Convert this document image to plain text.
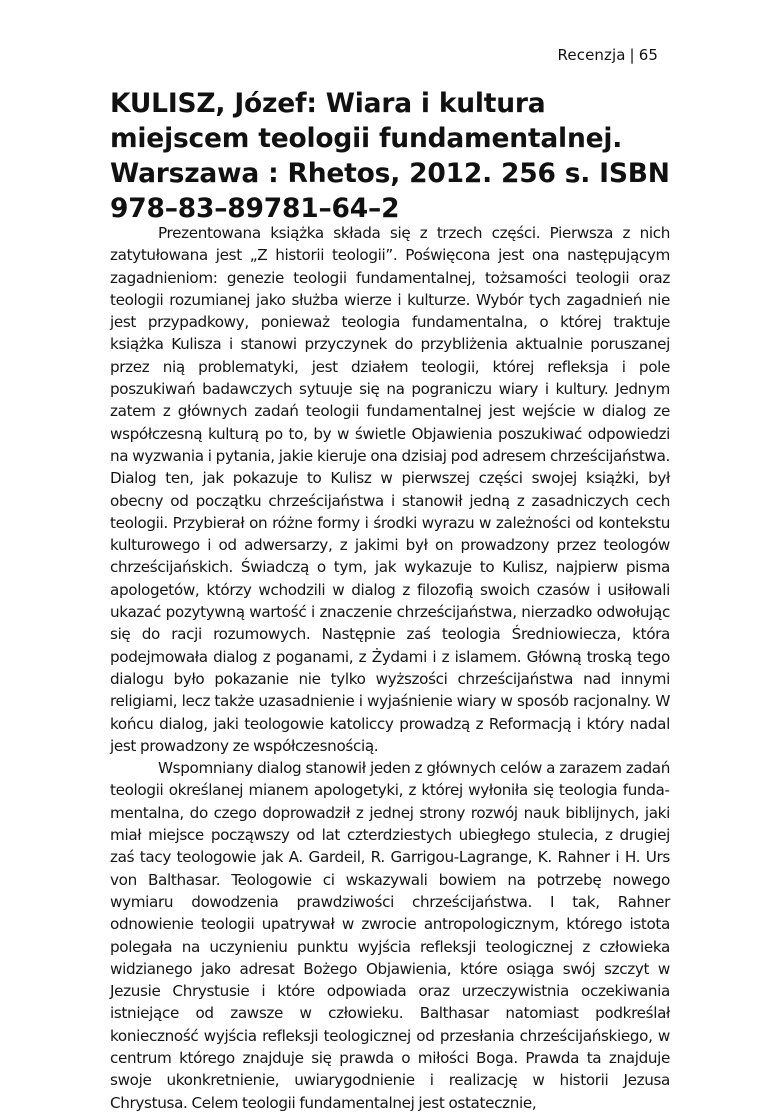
Recenzja | 65
KULISZ, Józef: Wiara i kultura miejscem teologii fundamentalnej. Warszawa : Rhetos, 2012. 256 s. ISBN 978–83–89781–64–2

Prezentowana książka składa się z trzech części. Pierwsza z nich zatytułowana jest „Z historii teologii”. Poświęcona jest ona następującym zagadnieniom: genezie teologii fundamentalnej, tożsamości teologii oraz teologii rozumianej jako służba wierze i kulturze. Wybór tych zagadnień nie jest przypadkowy, ponieważ teologia fundamentalna, o której traktuje książka Kulisza i stanowi przyczynek do przybliżenia aktualnie poruszanej przez nią problematyki, jest działem teologii, której refleksja i pole poszukiwań badawczych sytuuje się na pograniczu wiary i kultury. Jednym zatem z głównych zadań teologii fundamentalnej jest wejście w dialog ze współczesną kulturą po to, by w świetle Objawienia poszukiwać odpowiedzi na wyzwania i pytania, jakie kieruje ona dzisiaj pod adresem chrześcijaństwa. Dialog ten, jak pokazuje to Kulisz w pierwszej części swojej książki, był obecny od początku chrześcijaństwa i stanowił jedną z zasadniczych cech teologii. Przybierał on różne formy i środki wyrazu w zależności od kontekstu kulturowego i od adwersarzy, z jakimi był on prowadzony przez teologów chrześcijańskich. Świadczą o tym, jak wykazuje to Kulisz, najpierw pisma apologetów, którzy wchodzili w dialog z filozofią swoich czasów i usiłowali ukazać pozytywną wartość i znaczenie chrześcijaństwa, nierzadko odwołując się do racji rozumowych. Następnie zaś teologia Średniowiecza, która podejmowała dialog z poganami, z Żydami i z islamem. Główną troską tego dialogu było pokazanie nie tylko wyższości chrześcijaństwa nad innymi religiami, lecz także uzasadnienie i wyjaśnienie wiary w sposób racjonalny. W końcu dialog, jaki teologowie katoliccy prowadzą z Reformacją i który nadal jest prowadzony ze współczesnością.

Wspomniany dialog stanowił jeden z głównych celów a zarazem zadań teologii określanej mianem apologetyki, z której wyłoniła się teologia fundamentalna, do czego doprowadził z jednej strony rozwój nauk biblijnych, jaki miał miejsce począwszy od lat czterdziestych ubiegłego stulecia, z drugiej zaś tacy teologowie jak A. Gardeil, R. Garrigou-Lagrange, K. Rahner i H. Urs von Balthasar. Teologowie ci wskazywali bowiem na potrzebę nowego wymiaru dowodzenia prawdziwości chrześcijaństwa. I tak, Rahner odnowienie teologii upatrywał w zwrocie antropologicznym, którego istota polegała na uczynieniu punktu wyjścia refleksji teologicznej z człowieka widzianego jako adresat Bożego Objawienia, które osiąga swój szczyt w Jezusie Chrystusie i które odpowiada oraz urzeczywistnia oczekiwania istniejące od zawsze w człowieku. Balthasar natomiast podkreślał konieczność wyjścia refleksji teologicznej od przesłania chrześcijańskiego, w centrum którego znajduje się prawda o miłości Boga. Prawda ta znajduje swoje ukonkretnienie, uwiarygodnienie i realizację w historii Jezusa Chrystusa. Celem teologii fundamentalnej jest ostatecznie,
